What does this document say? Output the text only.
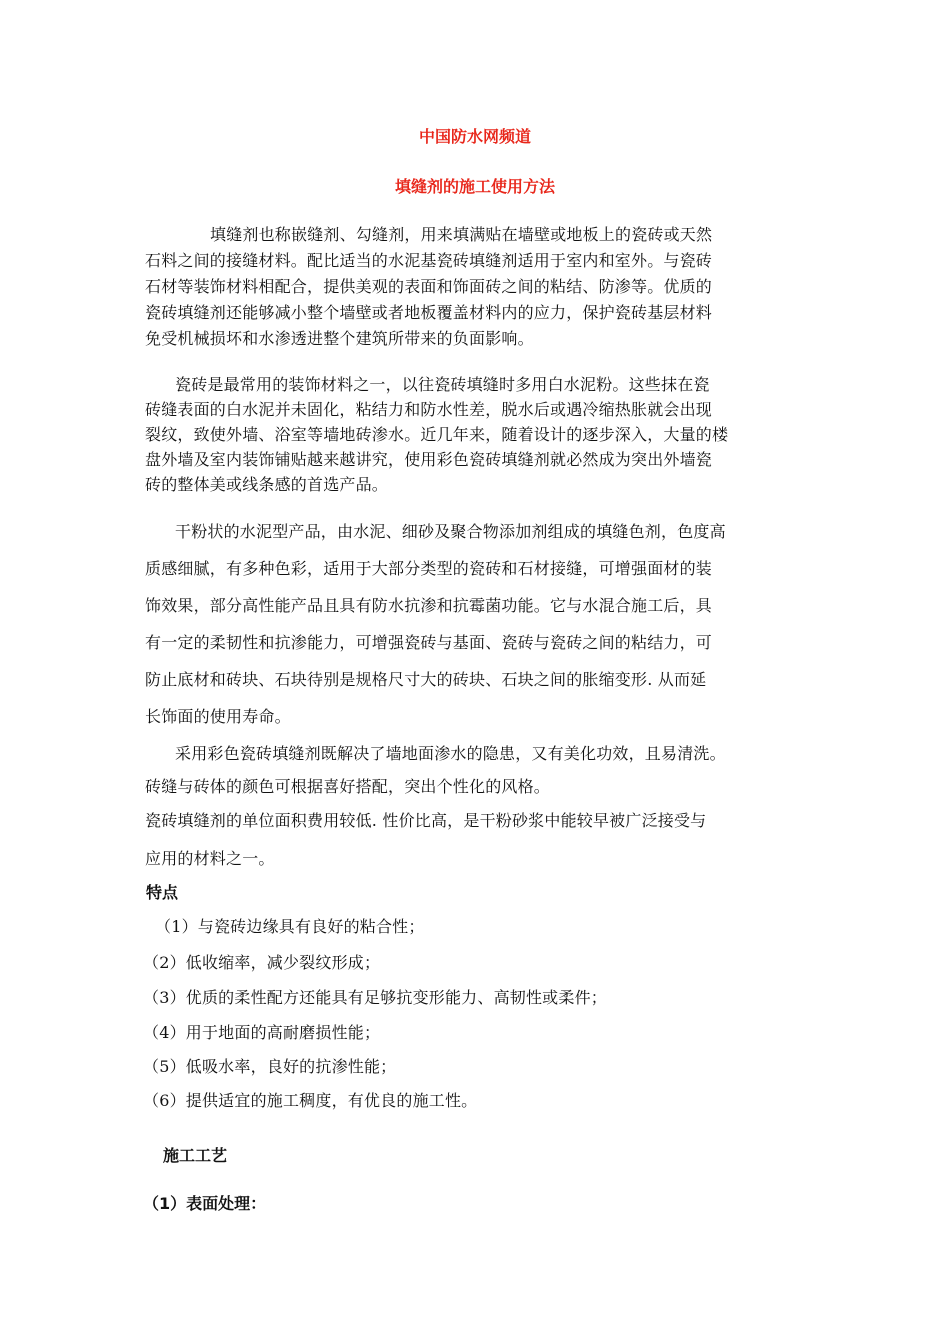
中国防水网频道
填缝剂的施工使用方法
填缝剂也称嵌缝剂、勾缝剂，用来填满贴在墙壁或地板上的瓷砖或天然
石料之间的接缝材料。配比适当的水泥基瓷砖填缝剂适用于室内和室外。与瓷砖
石材等装饰材料相配合，提供美观的表面和饰面砖之间的粘结、防渗等。优质的
瓷砖填缝剂还能够减小整个墙壁或者地板覆盖材料内的应力，保护瓷砖基层材料
免受机械损坏和水渗透进整个建筑所带来的负面影响。
瓷砖是最常用的装饰材料之一，以往瓷砖填缝时多用白水泥粉。这些抹在瓷
砖缝表面的白水泥并未固化，粘结力和防水性差，脱水后或遇冷缩热胀就会出现
裂纹，致使外墙、浴室等墙地砖渗水。近几年来，随着设计的逐步深入，大量的楼
盘外墙及室内装饰铺贴越来越讲究，使用彩色瓷砖填缝剂就必然成为突出外墙瓷
砖的整体美或线条感的首选产品。
干粉状的水泥型产品，由水泥、细砂及聚合物添加剂组成的填缝色剂，色度高
质感细腻，有多种色彩，适用于大部分类型的瓷砖和石材接缝，可增强面材的装
饰效果，部分高性能产品且具有防水抗渗和抗霉菌功能。它与水混合施工后，具
有一定的柔韧性和抗渗能力，可增强瓷砖与基面、瓷砖与瓷砖之间的粘结力，可
防止底材和砖块、石块待别是规格尺寸大的砖块、石块之间的胀缩变形. 从而延
长饰面的使用寿命。
采用彩色瓷砖填缝剂既解决了墙地面渗水的隐患，又有美化功效，且易清洗。
砖缝与砖体的颜色可根据喜好搭配，突出个性化的风格。
瓷砖填缝剂的单位面积费用较低. 性价比高，是干粉砂浆中能较早被广泛接受与
应用的材料之一。
特点
（1）与瓷砖边缘具有良好的粘合性；
（2）低收缩率，减少裂纹形成；
（3）优质的柔性配方还能具有足够抗变形能力、高韧性或柔件；
（4）用于地面的高耐磨损性能；
（5）低吸水率，良好的抗渗性能；
（6）提供适宜的施工稠度，有优良的施工性。
施工工艺
（1）表面处理：
